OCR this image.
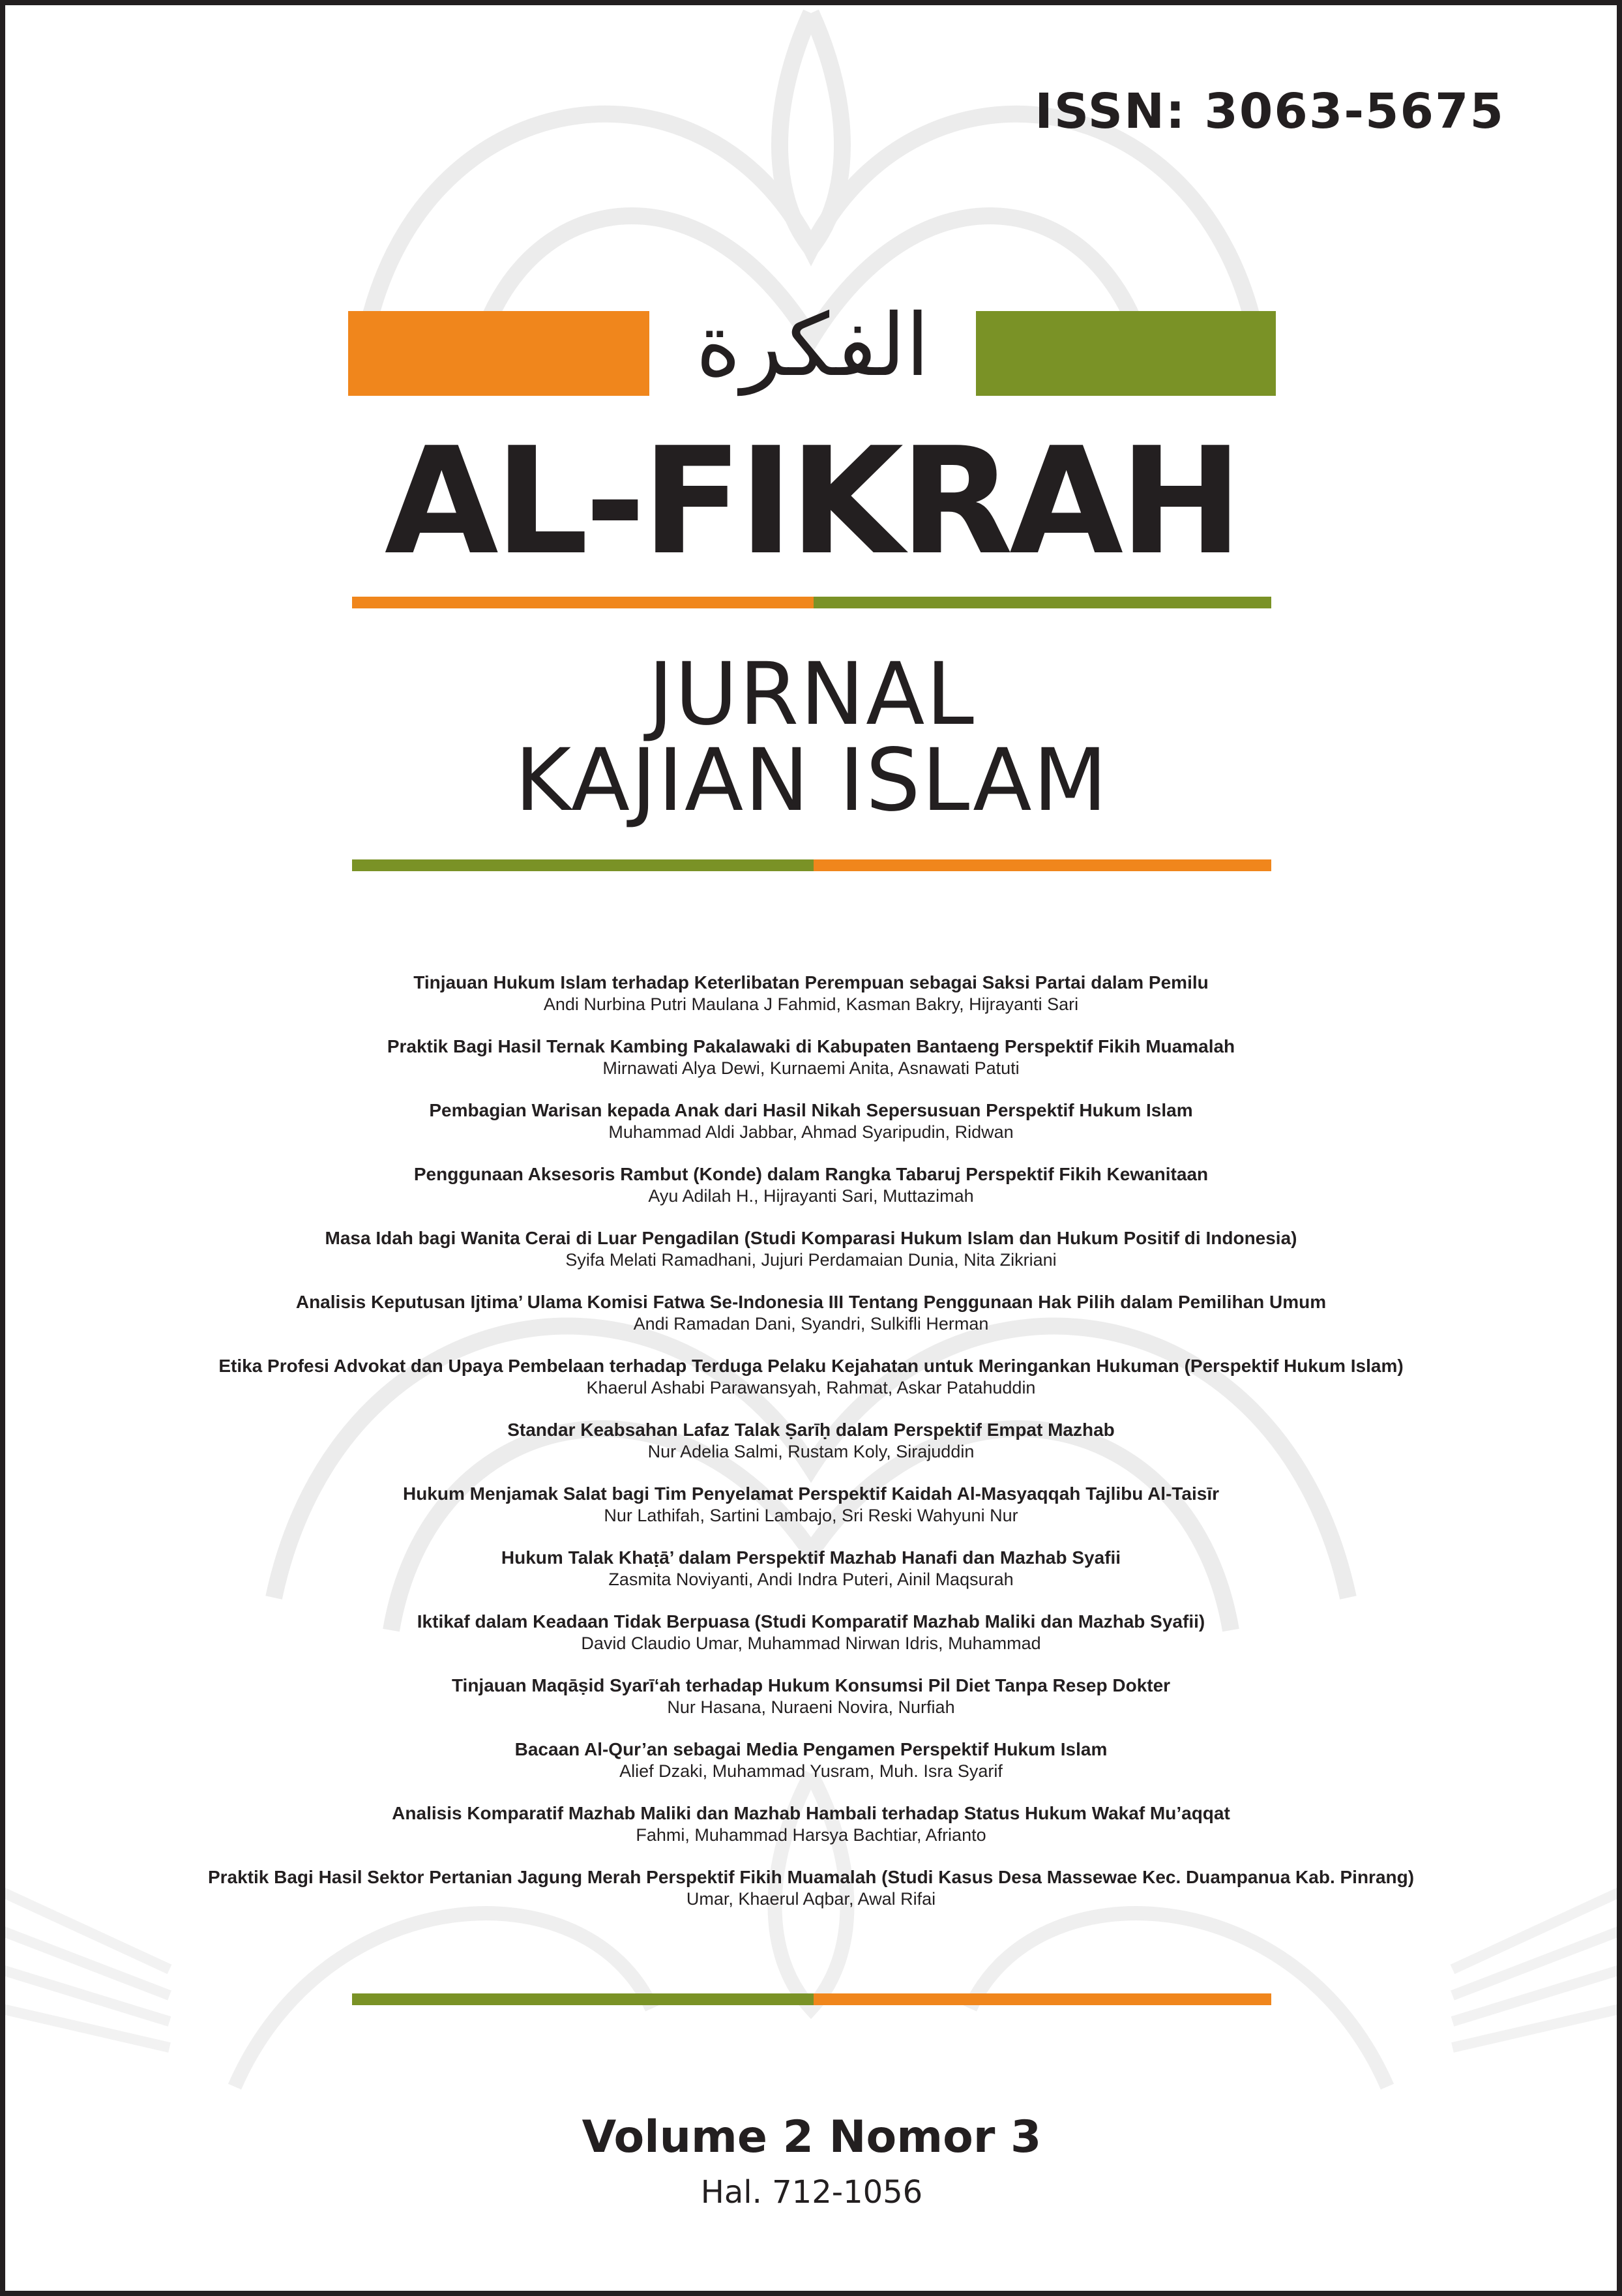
ISSN: 3063-5675
الفكرة
AL-FIKRAH
JURNAL
KAJIAN ISLAM
Tinjauan Hukum Islam terhadap Keterlibatan Perempuan sebagai Saksi Partai dalam Pemilu
Andi Nurbina Putri Maulana J Fahmid, Kasman Bakry, Hijrayanti Sari
Praktik Bagi Hasil Ternak Kambing Pakalawaki di Kabupaten Bantaeng Perspektif Fikih Muamalah
Mirnawati Alya Dewi, Kurnaemi Anita, Asnawati Patuti
Pembagian Warisan kepada Anak dari Hasil Nikah Sepersusuan Perspektif Hukum Islam
Muhammad Aldi Jabbar, Ahmad Syaripudin, Ridwan
Penggunaan Aksesoris Rambut (Konde) dalam Rangka Tabaruj Perspektif Fikih Kewanitaan
Ayu Adilah H., Hijrayanti Sari, Muttazimah
Masa Idah bagi Wanita Cerai di Luar Pengadilan (Studi Komparasi Hukum Islam dan Hukum Positif di Indonesia)
Syifa Melati Ramadhani, Jujuri Perdamaian Dunia, Nita Zikriani
Analisis Keputusan Ijtima’ Ulama Komisi Fatwa Se-Indonesia III Tentang Penggunaan Hak Pilih dalam Pemilihan Umum
Andi Ramadan Dani, Syandri, Sulkifli Herman
Etika Profesi Advokat dan Upaya Pembelaan terhadap Terduga Pelaku Kejahatan untuk Meringankan Hukuman (Perspektif Hukum Islam)
Khaerul Ashabi Parawansyah, Rahmat, Askar Patahuddin
Standar Keabsahan Lafaz Talak Ṣarīḥ dalam Perspektif Empat Mazhab
Nur Adelia Salmi, Rustam Koly, Sirajuddin
Hukum Menjamak Salat bagi Tim Penyelamat Perspektif Kaidah Al-Masyaqqah Tajlibu Al-Taisīr
Nur Lathifah, Sartini Lambajo, Sri Reski Wahyuni Nur
Hukum Talak Khaṭā’ dalam Perspektif Mazhab Hanafi dan Mazhab Syafii
Zasmita Noviyanti, Andi Indra Puteri, Ainil Maqsurah
Iktikaf dalam Keadaan Tidak Berpuasa (Studi Komparatif Mazhab Maliki dan Mazhab Syafii)
David Claudio Umar, Muhammad Nirwan Idris, Muhammad
Tinjauan Maqāṣid Syarī‘ah terhadap Hukum Konsumsi Pil Diet Tanpa Resep Dokter
Nur Hasana, Nuraeni Novira, Nurfiah
Bacaan Al-Qur’an sebagai Media Pengamen Perspektif Hukum Islam
Alief Dzaki, Muhammad Yusram, Muh. Isra Syarif
Analisis Komparatif Mazhab Maliki dan Mazhab Hambali terhadap Status Hukum Wakaf Mu’aqqat
Fahmi, Muhammad Harsya Bachtiar, Afrianto
Praktik Bagi Hasil Sektor Pertanian Jagung Merah Perspektif Fikih Muamalah (Studi Kasus Desa Massewae Kec. Duampanua Kab. Pinrang)
Umar, Khaerul Aqbar, Awal Rifai
Volume 2 Nomor 3
Hal. 712-1056
